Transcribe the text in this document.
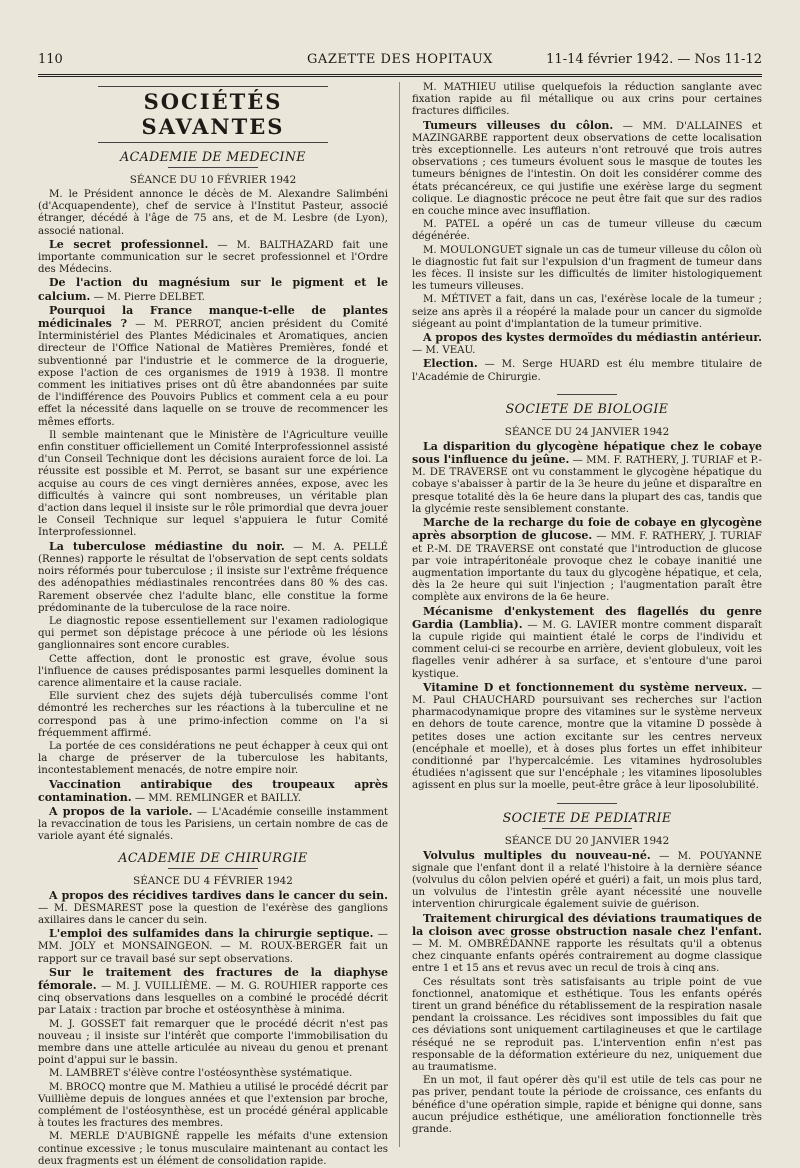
110	GAZETTE DES HOPITAUX	11-14 février 1942. — Nos 11-12
SOCIÉTÉS SAVANTES
ACADEMIE DE MEDECINE
SÉANCE DU 10 FÉVRIER 1942

M. le Président annonce le décès de M. Alexandre Salimbéni (d'Acquapendente), chef de service à l'Institut Pasteur, associé étranger, décédé à l'âge de 75 ans, et de M. Lesbre (de Lyon), associé national.

Le secret professionnel. — M. BALTHAZARD fait une importante communication sur le secret professionnel et l'Ordre des Médecins.

De l'action du magnésium sur le pigment et le calcium. — M. Pierre DELBET.

Pourquoi la France manque-t-elle de plantes médicinales ? — M. PERROT, ancien président du Comité Interministériel des Plantes Médicinales et Aromatiques, ancien directeur de l'Office National de Matières Premières, fondé et subventionné par l'industrie et le commerce de la droguerie, expose l'action de ces organismes de 1919 à 1938. Il montre comment les initiatives prises ont dû être abandonnées par suite de l'indifférence des Pouvoirs Publics et comment cela a eu pour effet la nécessité dans laquelle on se trouve de recommencer les mêmes efforts.

Il semble maintenant que le Ministère de l'Agriculture veuille enfin constituer officiellement un Comité Interprofessionnel assisté d'un Conseil Technique dont les décisions auraient force de loi. La réussite est possible et M. Perrot, se basant sur une expérience acquise au cours de ces vingt dernières années, expose, avec les difficultés à vaincre qui sont nombreuses, un véritable plan d'action dans lequel il insiste sur le rôle primordial que devra jouer le Conseil Technique sur lequel s'appuiera le futur Comité Interprofessionnel.

La tuberculose médiastine du noir. — M. A. PELLÉ (Rennes) rapporte le résultat de l'observation de sept cents soldats noirs réformés pour tuberculose ; il insiste sur l'extrême fréquence des adénopathies médiastinales rencontrées dans 80 % des cas. Rarement observée chez l'adulte blanc, elle constitue la forme prédominante de la tuberculose de la race noire.

Le diagnostic repose essentiellement sur l'examen radiologique qui permet son dépistage précoce à une période où les lésions ganglionnaires sont encore curables.

Cette affection, dont le pronostic est grave, évolue sous l'influence de causes prédisposantes parmi lesquelles dominent la carence alimentaire et la cause raciale.

Elle survient chez des sujets déjà tuberculisés comme l'ont démontré les recherches sur les réactions à la tuberculine et ne correspond pas à une primo-infection comme on l'a si fréquemment affirmé.

La portée de ces considérations ne peut échapper à ceux qui ont la charge de préserver de la tuberculose les habitants, incontestablement menacés, de notre empire noir.

Vaccination antirabique des troupeaux après contamination. — MM. REMLINGER et BAILLY.

A propos de la variole. — L'Académie conseille instamment la revaccination de tous les Parisiens, un certain nombre de cas de variole ayant été signalés.

ACADEMIE DE CHIRURGIE
SÉANCE DU 4 FÉVRIER 1942

A propos des récidives tardives dans le cancer du sein. — M. DESMAREST pose la question de l'exérèse des ganglions axillaires dans le cancer du sein.

L'emploi des sulfamides dans la chirurgie septique. — MM. JOLY et MONSAINGEON. — M. ROUX-BERGER fait un rapport sur ce travail basé sur sept observations.

Sur le traitement des fractures de la diaphyse fémorale. — M. J. VUILLIÈME. — M. G. ROUHIER rapporte ces cinq observations dans lesquelles on a combiné le procédé décrit par Lataix : traction par broche et ostéosynthèse à minima.

M. J. GOSSET fait remarquer que le procédé décrit n'est pas nouveau ; il insiste sur l'intérêt que comporte l'immobilisation du membre dans une attelle articulée au niveau du genou et prenant point d'appui sur le bassin.

M. LAMBRET s'élève contre l'ostéosynthèse systématique.

M. BROCQ montre que M. Mathieu a utilisé le procédé décrit par Vuillième depuis de longues années et que l'extension par broche, complément de l'ostéosynthèse, est un procédé général applicable à toutes les fractures des membres.

M. MERLE D'AUBIGNÉ rappelle les méfaits d'une extension continue excessive ; le tonus musculaire maintenant au contact les deux fragments est un élément de consolidation rapide.

M. MATHIEU utilise quelquefois la réduction sanglante avec fixation rapide au fil métallique ou aux crins pour certaines fractures difficiles.

Tumeurs villeuses du côlon. — MM. D'ALLAINES et MAZINGARBE rapportent deux observations de cette localisation très exceptionnelle. Les auteurs n'ont retrouvé que trois autres observations ; ces tumeurs évoluent sous le masque de toutes les tumeurs bénignes de l'intestin. On doit les considérer comme des états précancéreux, ce qui justifie une exérèse large du segment colique. Le diagnostic précoce ne peut être fait que sur des radios en couche mince avec insufflation.

M. PATEL a opéré un cas de tumeur villeuse du cæcum dégénérée.

M. MOULONGUET signale un cas de tumeur villeuse du côlon où le diagnostic fut fait sur l'expulsion d'un fragment de tumeur dans les fèces. Il insiste sur les difficultés de limiter histologiquement les tumeurs villeuses.

M. MÉTIVET a fait, dans un cas, l'exérèse locale de la tumeur ; seize ans après il a réopéré la malade pour un cancer du sigmoïde siégeant au point d'implantation de la tumeur primitive.

A propos des kystes dermoïdes du médiastin antérieur. — M. VEAU.

Election. — M. Serge HUARD est élu membre titulaire de l'Académie de Chirurgie.

SOCIETE DE BIOLOGIE
SÉANCE DU 24 JANVIER 1942

La disparition du glycogène hépatique chez le cobaye sous l'influence du jeûne. — MM. F. RATHERY, J. TURIAF et P.-M. DE TRAVERSE ont vu constamment le glycogène hépatique du cobaye s'abaisser à partir de la 3e heure du jeûne et disparaître en presque totalité dès la 6e heure dans la plupart des cas, tandis que la glycémie reste sensiblement constante.

Marche de la recharge du foie de cobaye en glycogène après absorption de glucose. — MM. F. RATHERY, J. TURIAF et P.-M. DE TRAVERSE ont constaté que l'introduction de glucose par voie intrapéritonéale provoque chez le cobaye inanitié une augmentation importante du taux du glycogène hépatique, et cela, dès la 2e heure qui suit l'injection ; l'augmentation paraît être complète aux environs de la 6e heure.

Mécanisme d'enkystement des flagellés du genre Gardia (Lamblia). — M. G. LAVIER montre comment disparaît la cupule rigide qui maintient étalé le corps de l'individu et comment celui-ci se recourbe en arrière, devient globuleux, voit les flagelles venir adhérer à sa surface, et s'entoure d'une paroi kystique.

Vitamine D et fonctionnement du système nerveux. — M. Paul CHAUCHARD poursuivant ses recherches sur l'action pharmacodynamique propre des vitamines sur le système nerveux en dehors de toute carence, montre que la vitamine D possède à petites doses une action excitante sur les centres nerveux (encéphale et moelle), et à doses plus fortes un effet inhibiteur conditionné par l'hypercalcémie. Les vitamines hydrosolubles étudiées n'agissent que sur l'encéphale ; les vitamines liposolubles agissent en plus sur la moelle, peut-être grâce à leur liposolubilité.

SOCIETE DE PEDIATRIE
SÉANCE DU 20 JANVIER 1942

Volvulus multiples du nouveau-né. — M. POUYANNE signale que l'enfant dont il a relaté l'histoire à la dernière séance (volvulus du côlon pelvien opéré et guéri) a fait, un mois plus tard, un volvulus de l'intestin grêle ayant nécessité une nouvelle intervention chirurgicale également suivie de guérison.

Traitement chirurgical des déviations traumatiques de la cloison avec grosse obstruction nasale chez l'enfant. — M. M. OMBRÉDANNE rapporte les résultats qu'il a obtenus chez cinquante enfants opérés contrairement au dogme classique entre 1 et 15 ans et revus avec un recul de trois à cinq ans.

Ces résultats sont très satisfaisants au triple point de vue fonctionnel, anatomique et esthétique. Tous les enfants opérés tirent un grand bénéfice du rétablissement de la respiration nasale pendant la croissance. Les récidives sont impossibles du fait que ces déviations sont uniquement cartilagineuses et que le cartilage réséqué ne se reproduit pas. L'intervention enfin n'est pas responsable de la déformation extérieure du nez, uniquement due au traumatisme.

En un mot, il faut opérer dès qu'il est utile de tels cas pour ne pas priver, pendant toute la période de croissance, ces enfants du bénéfice d'une opération simple, rapide et bénigne qui donne, sans aucun préjudice esthétique, une amélioration fonctionnelle très grande.
